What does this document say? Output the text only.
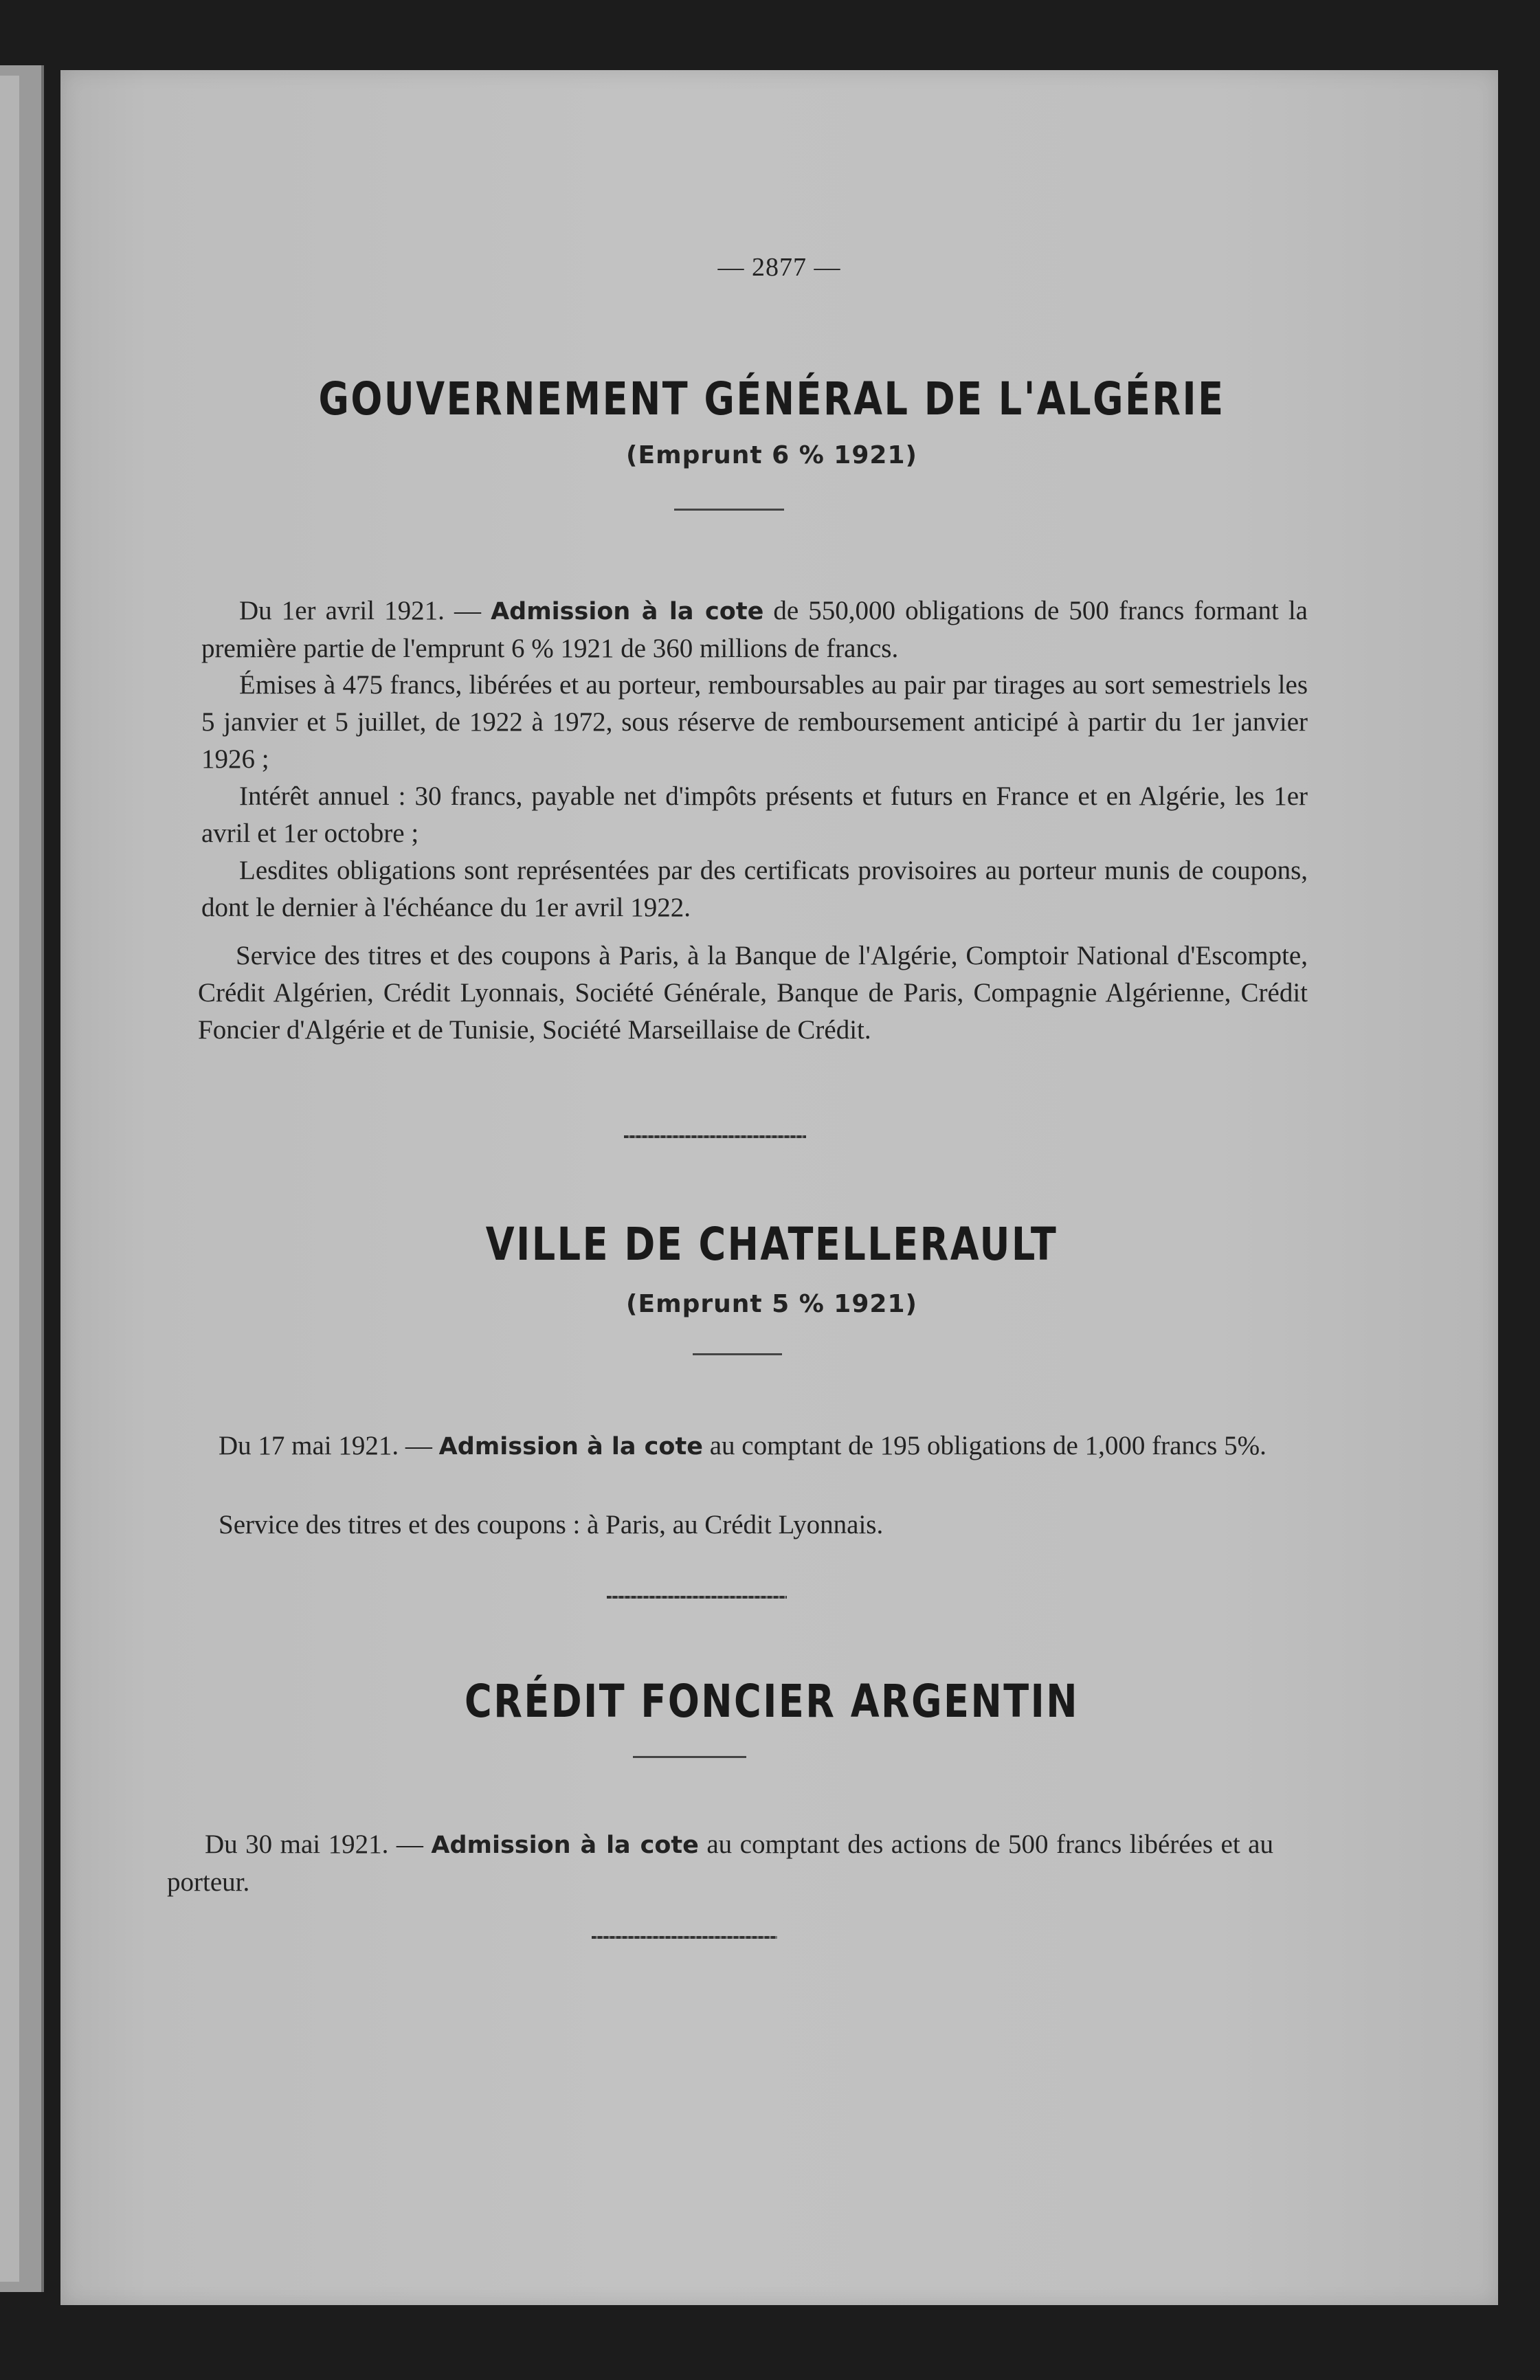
— 2877 —
GOUVERNEMENT GÉNÉRAL DE L'ALGÉRIE
(Emprunt 6 % 1921)
Du 1er avril 1921. — Admission à la cote de 550,000 obligations de 500 francs formant la première partie de l'emprunt 6 % 1921 de 360 millions de francs.
Émises à 475 francs, libérées et au porteur, remboursables au pair par tirages au sort semestriels les 5 janvier et 5 juillet, de 1922 à 1972, sous réserve de remboursement anticipé à partir du 1er janvier 1926 ;
Intérêt annuel : 30 francs, payable net d'impôts présents et futurs en France et en Algérie, les 1er avril et 1er octobre ;
Lesdites obligations sont représentées par des certificats provisoires au porteur munis de coupons, dont le dernier à l'échéance du 1er avril 1922.
Service des titres et des coupons à Paris, à la Banque de l'Algérie, Comptoir National d'Escompte, Crédit Algérien, Crédit Lyonnais, Société Générale, Banque de Paris, Compagnie Algérienne, Crédit Foncier d'Algérie et de Tunisie, Société Marseillaise de Crédit.
VILLE DE CHATELLERAULT
(Emprunt 5 % 1921)
Du 17 mai 1921. — Admission à la cote au comptant de 195 obligations de 1,000 francs 5%.
Service des titres et des coupons : à Paris, au Crédit Lyonnais.
CRÉDIT FONCIER ARGENTIN
Du 30 mai 1921. — Admission à la cote au comptant des actions de 500 francs libérées et au porteur.
